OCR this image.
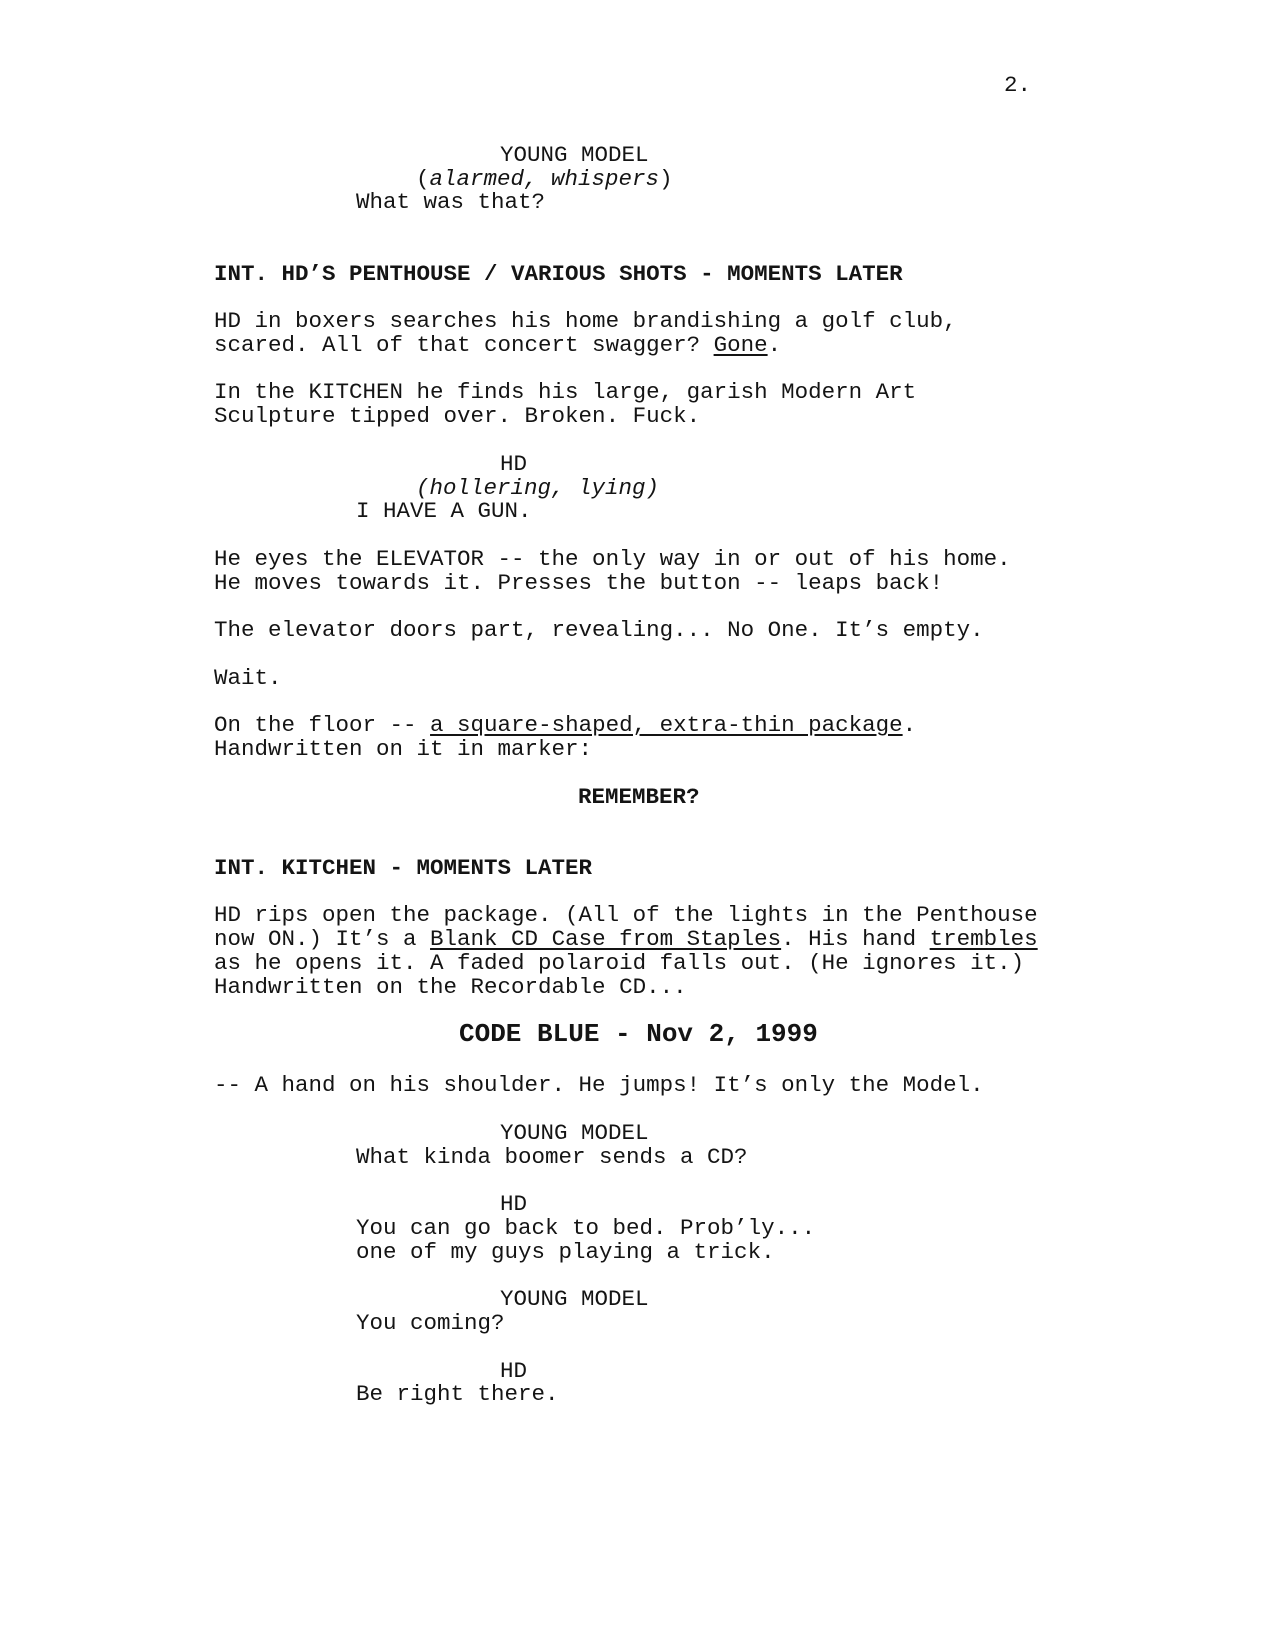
2.
YOUNG MODEL
(alarmed, whispers)
What was that?
INT. HD’S PENTHOUSE / VARIOUS SHOTS - MOMENTS LATER
HD in boxers searches his home brandishing a golf club,
scared. All of that concert swagger? Gone.
In the KITCHEN he finds his large, garish Modern Art
Sculpture tipped over. Broken. Fuck.
HD
(hollering, lying)
I HAVE A GUN.
He eyes the ELEVATOR -- the only way in or out of his home.
He moves towards it. Presses the button -- leaps back!
The elevator doors part, revealing... No One. It’s empty.
Wait.
On the floor -- a square-shaped, extra-thin package.
Handwritten on it in marker:
REMEMBER?
INT. KITCHEN - MOMENTS LATER
HD rips open the package. (All of the lights in the Penthouse
now ON.) It’s a Blank CD Case from Staples. His hand trembles
as he opens it. A faded polaroid falls out. (He ignores it.)
Handwritten on the Recordable CD...
CODE BLUE - Nov 2, 1999
-- A hand on his shoulder. He jumps! It’s only the Model.
YOUNG MODEL
What kinda boomer sends a CD?
HD
You can go back to bed. Prob’ly...
one of my guys playing a trick.
YOUNG MODEL
You coming?
HD
Be right there.
